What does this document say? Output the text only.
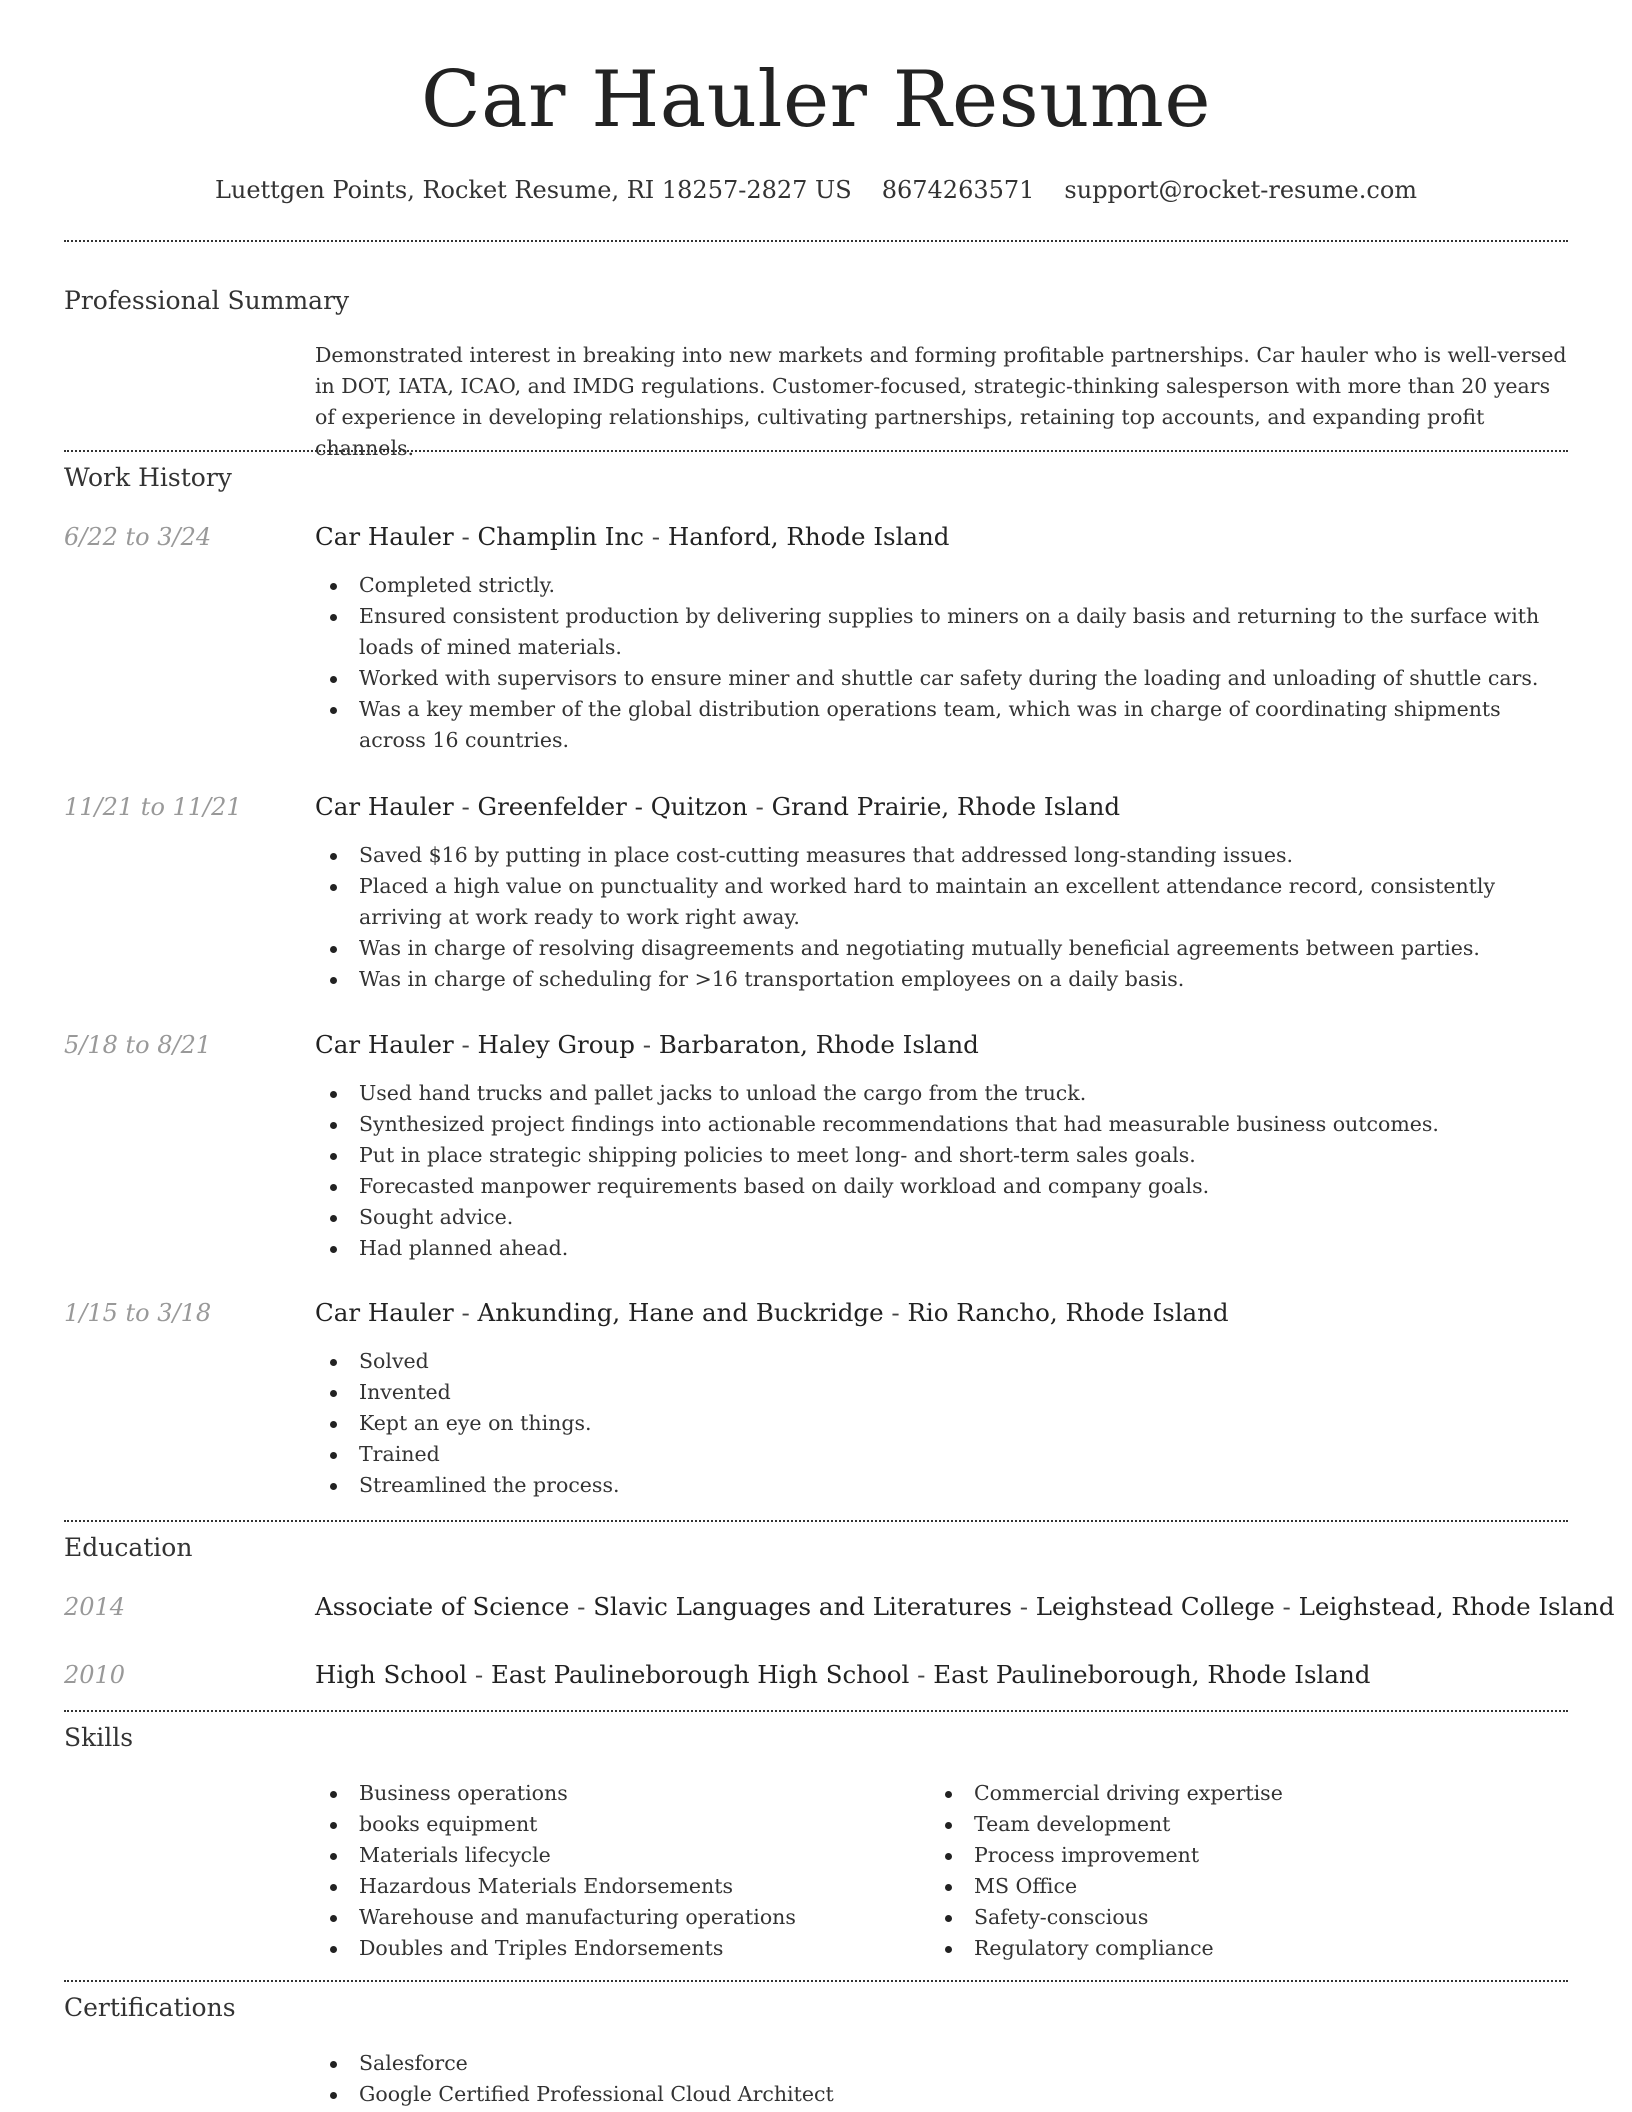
Car Hauler Resume
Luettgen Points, Rocket Resume, RI 18257-2827 US 8674263571 support@rocket-resume.com
Professional Summary

Demonstrated interest in breaking into new markets and forming profitable partnerships. Car hauler who is well-versed in DOT, IATA, ICAO, and IMDG regulations. Customer-focused, strategic-thinking salesperson with more than 20 years of experience in developing relationships, cultivating partnerships, retaining top accounts, and expanding profit channels.

Work History
6/22 to 3/24	Car Hauler - Champlin Inc - Hanford, Rhode Island
Completed strictly.
Ensured consistent production by delivering supplies to miners on a daily basis and returning to the surface with loads of mined materials.
Worked with supervisors to ensure miner and shuttle car safety during the loading and unloading of shuttle cars.
Was a key member of the global distribution operations team, which was in charge of coordinating shipments across 16 countries.
11/21 to 11/21	Car Hauler - Greenfelder - Quitzon - Grand Prairie, Rhode Island
Saved $16 by putting in place cost-cutting measures that addressed long-standing issues.
Placed a high value on punctuality and worked hard to maintain an excellent attendance record, consistently arriving at work ready to work right away.
Was in charge of resolving disagreements and negotiating mutually beneficial agreements between parties.
Was in charge of scheduling for >16 transportation employees on a daily basis.
5/18 to 8/21	Car Hauler - Haley Group - Barbaraton, Rhode Island
Used hand trucks and pallet jacks to unload the cargo from the truck.
Synthesized project findings into actionable recommendations that had measurable business outcomes.
Put in place strategic shipping policies to meet long- and short-term sales goals.
Forecasted manpower requirements based on daily workload and company goals.
Sought advice.
Had planned ahead.
1/15 to 3/18	Car Hauler - Ankunding, Hane and Buckridge - Rio Rancho, Rhode Island
Solved
Invented
Kept an eye on things.
Trained
Streamlined the process.
Education
2014	Associate of Science - Slavic Languages and Literatures - Leighstead College - Leighstead, Rhode Island
2010	High School - East Paulineborough High School - East Paulineborough, Rhode Island
Skills
Business operations
books equipment
Materials lifecycle
Hazardous Materials Endorsements
Warehouse and manufacturing operations
Doubles and Triples Endorsements
Commercial driving expertise
Team development
Process improvement
MS Office
Safety-conscious
Regulatory compliance
Certifications
Salesforce
Google Certified Professional Cloud Architect
